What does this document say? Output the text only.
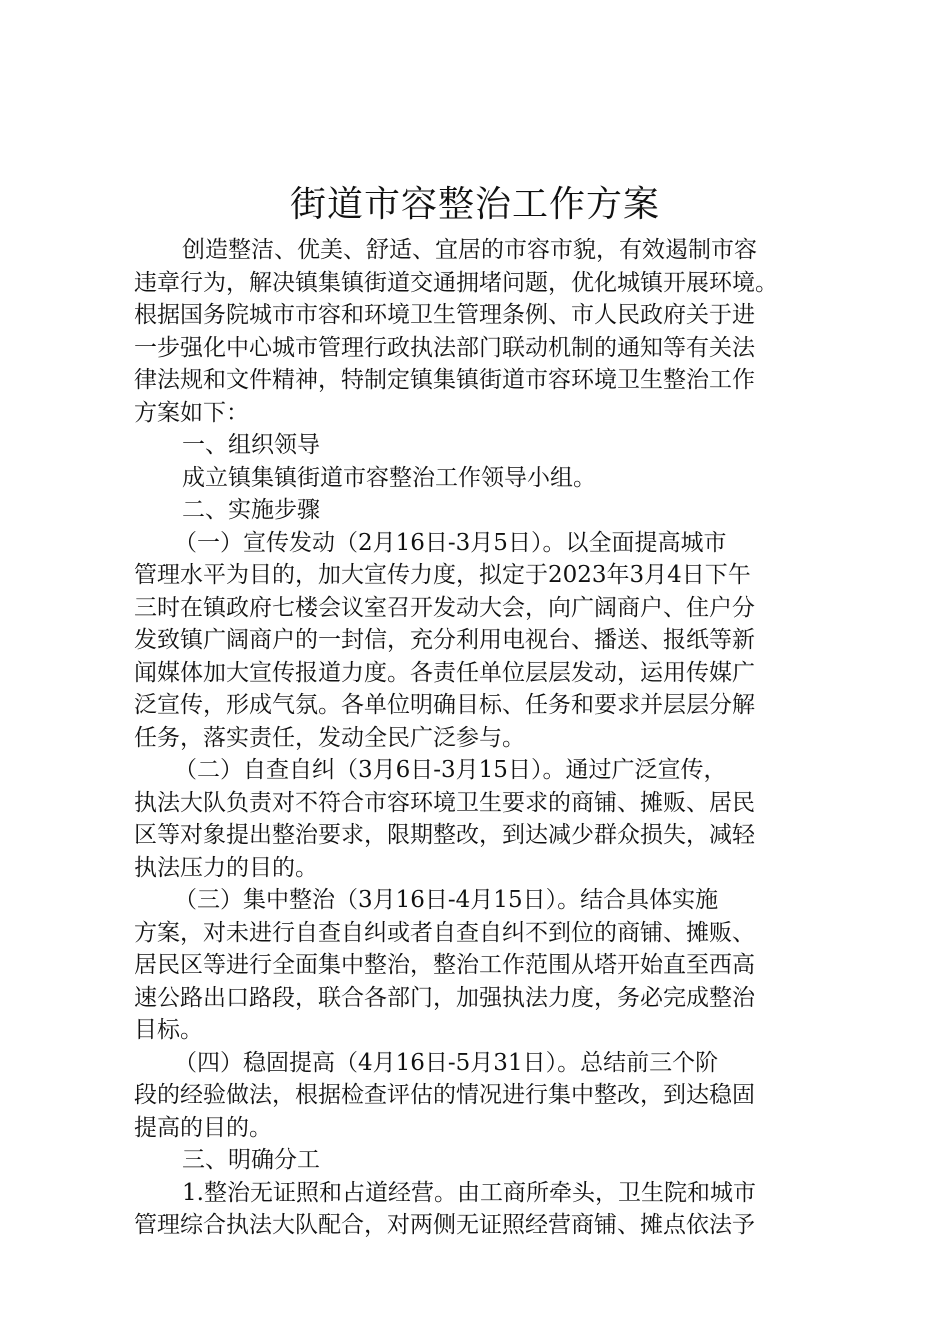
街道市容整治工作方案
创造整洁、优美、舒适、宜居的市容市貌，有效遏制市容
违章行为，解决镇集镇街道交通拥堵问题，优化城镇开展环境。
根据国务院城市市容和环境卫生管理条例、市人民政府关于进
一步强化中心城市管理行政执法部门联动机制的通知等有关法
律法规和文件精神，特制定镇集镇街道市容环境卫生整治工作
方案如下：
一、组织领导
成立镇集镇街道市容整治工作领导小组。
二、实施步骤
（一）宣传发动（2月16日-3月5日）。以全面提高城市
管理水平为目的，加大宣传力度，拟定于2023年3月4日下午
三时在镇政府七楼会议室召开发动大会，向广阔商户、住户分
发致镇广阔商户的一封信，充分利用电视台、播送、报纸等新
闻媒体加大宣传报道力度。各责任单位层层发动，运用传媒广
泛宣传，形成气氛。各单位明确目标、任务和要求并层层分解
任务，落实责任，发动全民广泛参与。
（二）自查自纠（3月6日-3月15日）。通过广泛宣传，
执法大队负责对不符合市容环境卫生要求的商铺、摊贩、居民
区等对象提出整治要求，限期整改，到达减少群众损失，减轻
执法压力的目的。
（三）集中整治（3月16日-4月15日）。结合具体实施
方案，对未进行自查自纠或者自查自纠不到位的商铺、摊贩、
居民区等进行全面集中整治，整治工作范围从塔开始直至西高
速公路出口路段，联合各部门，加强执法力度，务必完成整治
目标。
（四）稳固提高（4月16日-5月31日）。总结前三个阶
段的经验做法，根据检查评估的情况进行集中整改，到达稳固
提高的目的。
三、明确分工
1.整治无证照和占道经营。由工商所牵头，卫生院和城市
管理综合执法大队配合，对两侧无证照经营商铺、摊点依法予
